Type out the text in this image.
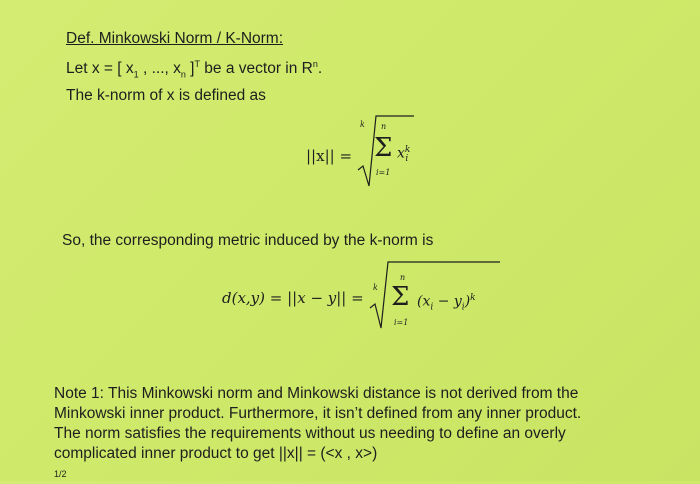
Def. Minkowski Norm / K-Norm:
Let x = [ $x_1$ , ..., $x_n$ ]$^T$ be a vector in $R^n$.
The k-norm of x is defined as
||x|| =
k n
Σ
i=1
$x^k_i$
So, the corresponding metric induced by the k-norm is
d(x,y) = ||x − y|| =
k
n
Σ
i=1
$(x_i - y_i)^k$
Note 1: This Minkowski norm and Minkowski distance is not derived from the
Minkowski inner product. Furthermore, it isn’t defined from any inner product.
The norm satisfies the requirements without us needing to define an overly
complicated inner product to get ||x|| = (<x , x>)
1/2
